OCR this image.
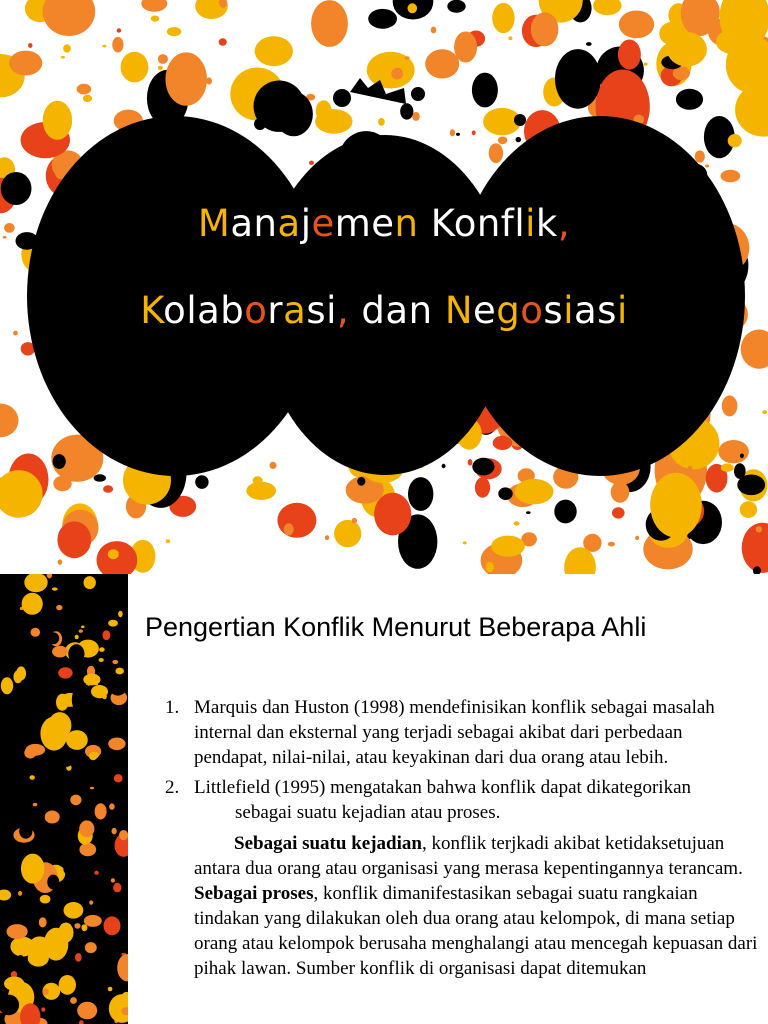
Manajemen Konflik,
Kolaborasi, dan Negosiasi
Pengertian Konflik Menurut Beberapa Ahli
1. Marquis dan Huston (1998) mendefinisikan konflik sebagai masalah internal dan eksternal yang terjadi sebagai akibat dari perbedaan pendapat, nilai-nilai, atau keyakinan dari dua orang atau lebih.
2. Littlefield (1995) mengatakan bahwa konflik dapat dikategorikan
sebagai suatu kejadian atau proses.
Sebagai suatu kejadian, konflik terjkadi akibat ketidaksetujuan antara dua orang atau organisasi yang merasa kepentingannya terancam. Sebagai proses, konflik dimanifestasikan sebagai suatu rangkaian tindakan yang dilakukan oleh dua orang atau kelompok, di mana setiap orang atau kelompok berusaha menghalangi atau mencegah kepuasan dari pihak lawan. Sumber konflik di organisasi dapat ditemukan
